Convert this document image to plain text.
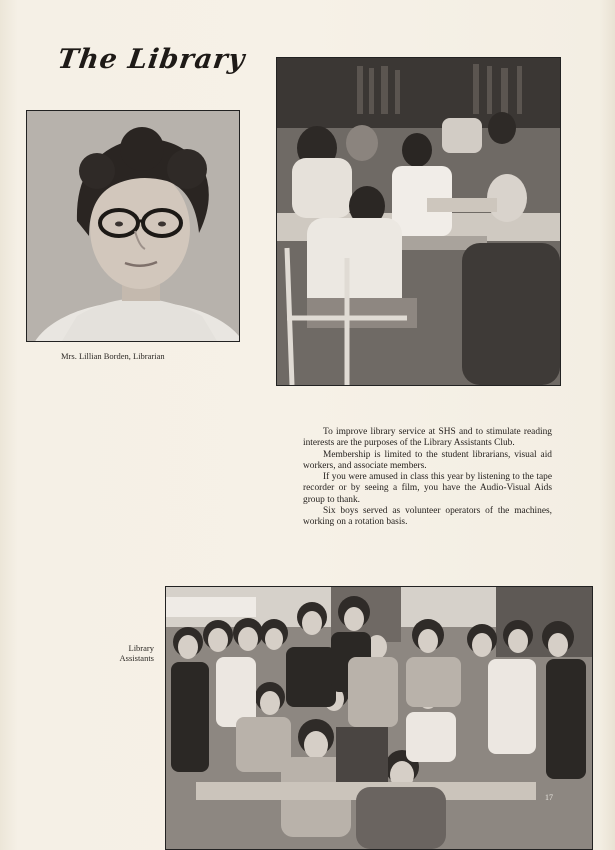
The Library
Mrs. Lillian Borden, Librarian

To improve library service at SHS and to stimulate reading interests are the purposes of the Library Assistants Club.

Membership is limited to the student librarians, visual aid workers, and associate members.

If you were amused in class this year by listening to the tape recorder or by seeing a film, you have the Audio-Visual Aids group to thank.

Six boys served as volunteer operators of the machines, working on a rotation basis.

Library
Assistants
17
